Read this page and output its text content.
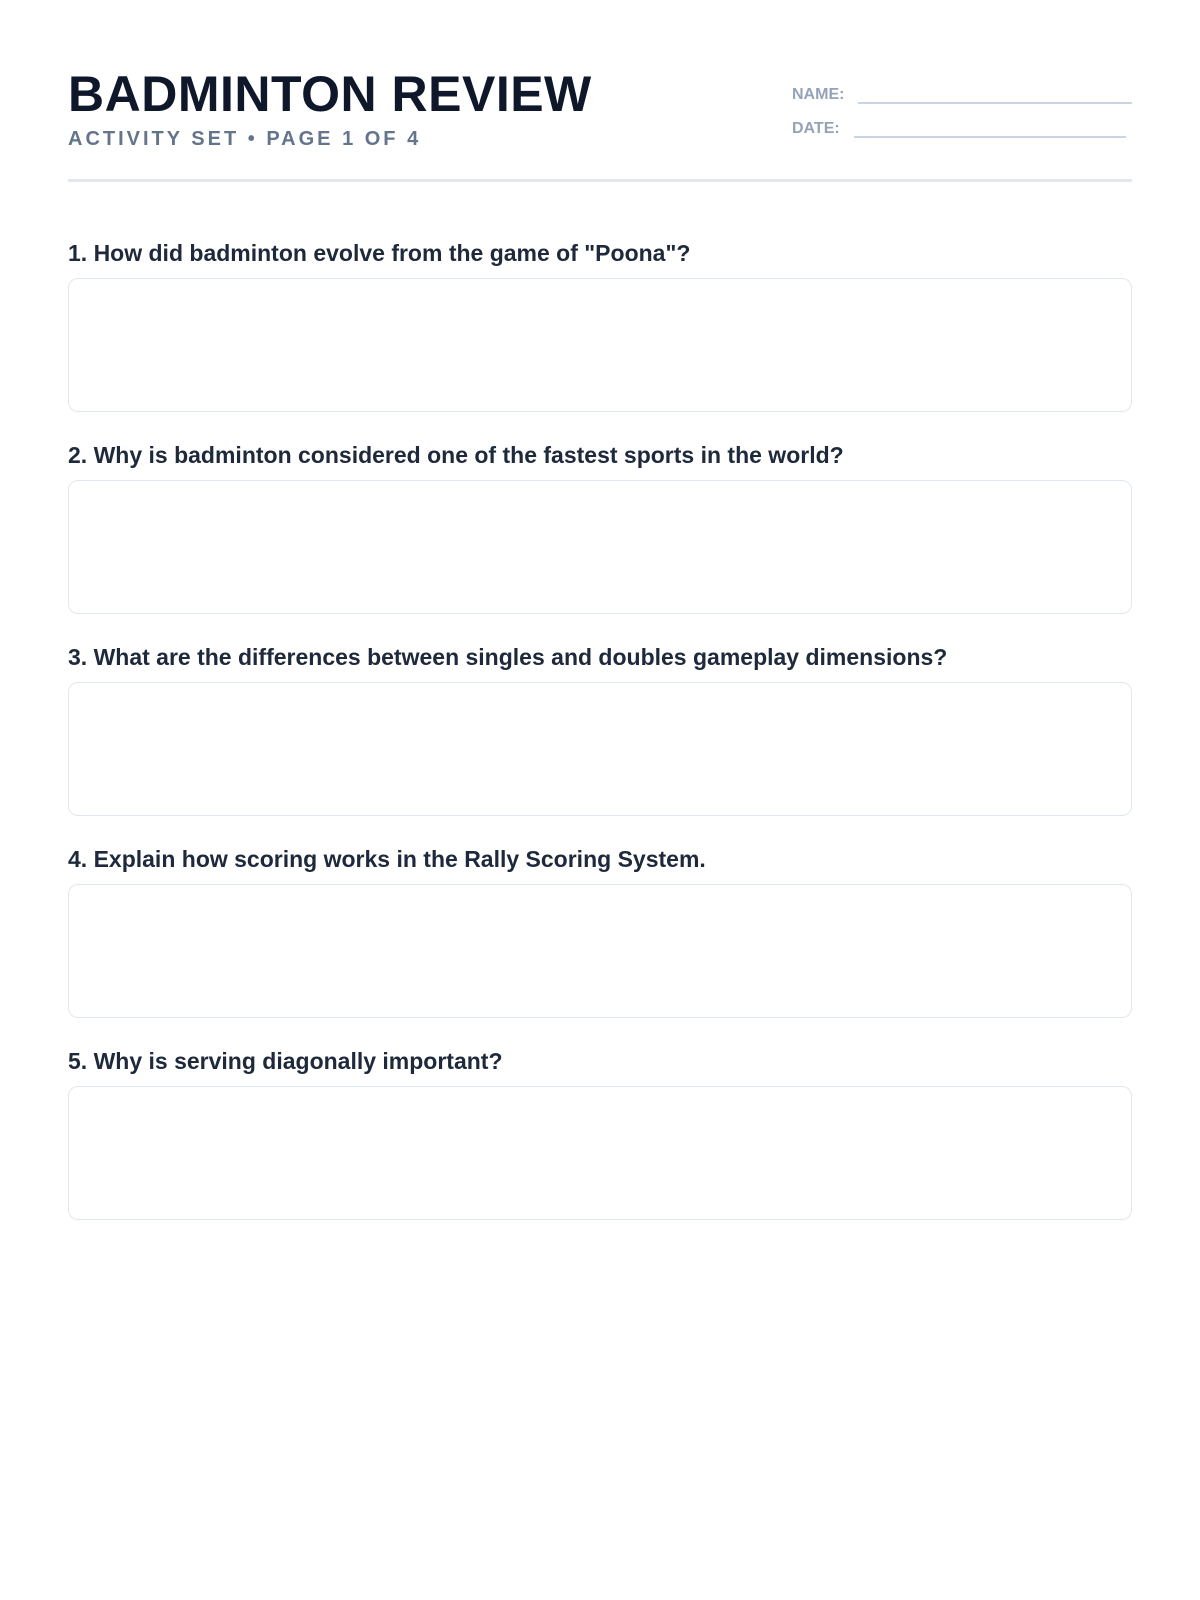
BADMINTON REVIEW
ACTIVITY SET • PAGE 1 OF 4
NAME:
DATE:
1. How did badminton evolve from the game of "Poona"?
2. Why is badminton considered one of the fastest sports in the world?
3. What are the differences between singles and doubles gameplay dimensions?
4. Explain how scoring works in the Rally Scoring System.
5. Why is serving diagonally important?
